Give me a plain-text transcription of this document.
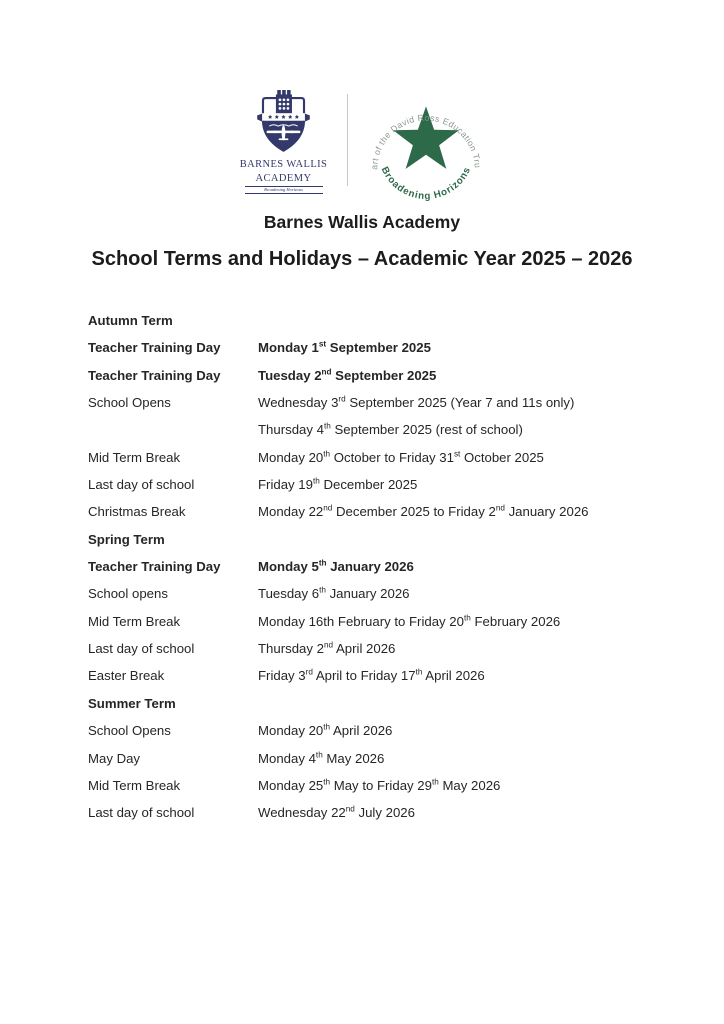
BARNES WALLIS
ACADEMY
Broadening Horizons
art of the David Ross Education Tru
Broadening Horizons
Barnes Wallis Academy
School Terms and Holidays – Academic Year 2025 – 2026
Autumn Term
Teacher Training Day	Monday 1st September 2025
Teacher Training Day	Tuesday 2nd September 2025
School Opens	Wednesday 3rd September 2025 (Year 7 and 11s only)
Thursday 4th September 2025 (rest of school)
Mid Term Break	Monday 20th October to Friday 31st October 2025
Last day of school	Friday 19th December 2025
Christmas Break	Monday 22nd December 2025 to Friday 2nd January 2026
Spring Term
Teacher Training Day	Monday 5th January 2026
School opens	Tuesday 6th January 2026
Mid Term Break	Monday 16th February to Friday 20th February 2026
Last day of school	Thursday 2nd April 2026
Easter Break	Friday 3rd April to Friday 17th April 2026
Summer Term
School Opens	Monday 20th April 2026
May Day	Monday 4th May 2026
Mid Term Break	Monday 25th May to Friday 29th May 2026
Last day of school	Wednesday 22nd July 2026
